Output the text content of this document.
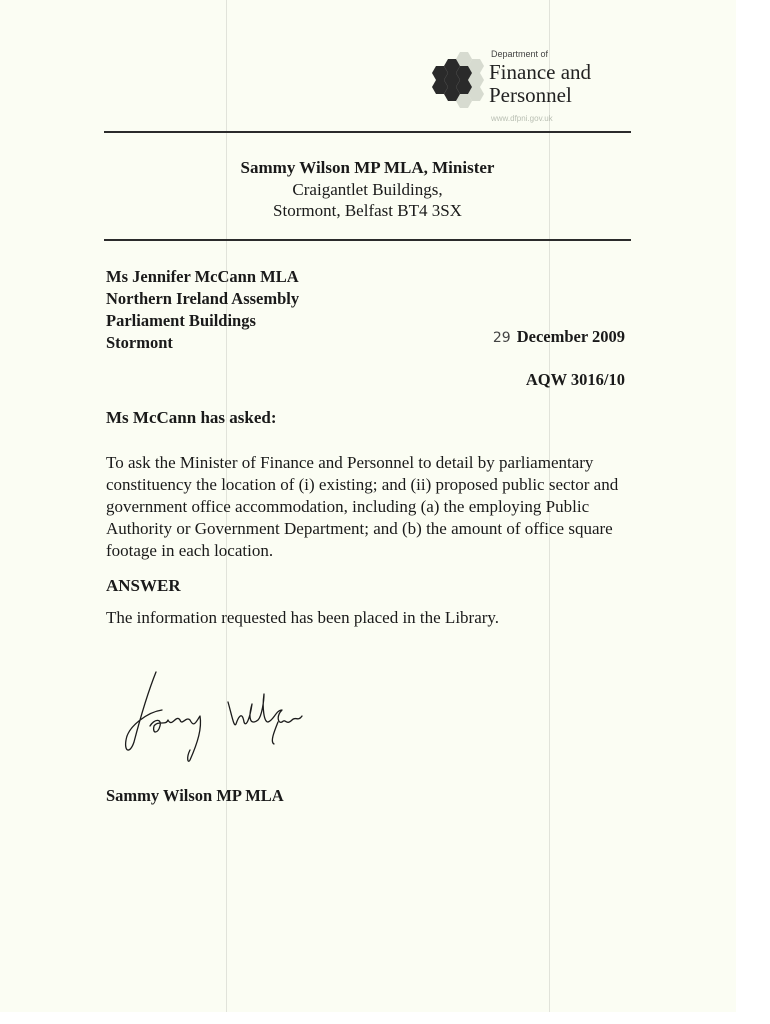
Department of
Finance and
Personnel
www.dfpni.gov.uk
Sammy Wilson MP MLA, Minister
Craigantlet Buildings,
Stormont, Belfast BT4 3SX
Ms Jennifer McCann MLA
Northern Ireland Assembly
Parliament Buildings
Stormont	29 December 2009
AQW 3016/10
Ms McCann has asked:
To ask the Minister of Finance and Personnel to detail by parliamentary constituency the location of (i) existing; and (ii) proposed public sector and government office accommodation, including (a) the employing Public Authority or Government Department; and (b) the amount of office square footage in each location.
ANSWER
The information requested has been placed in the Library.
Sammy Wilson MP MLA
